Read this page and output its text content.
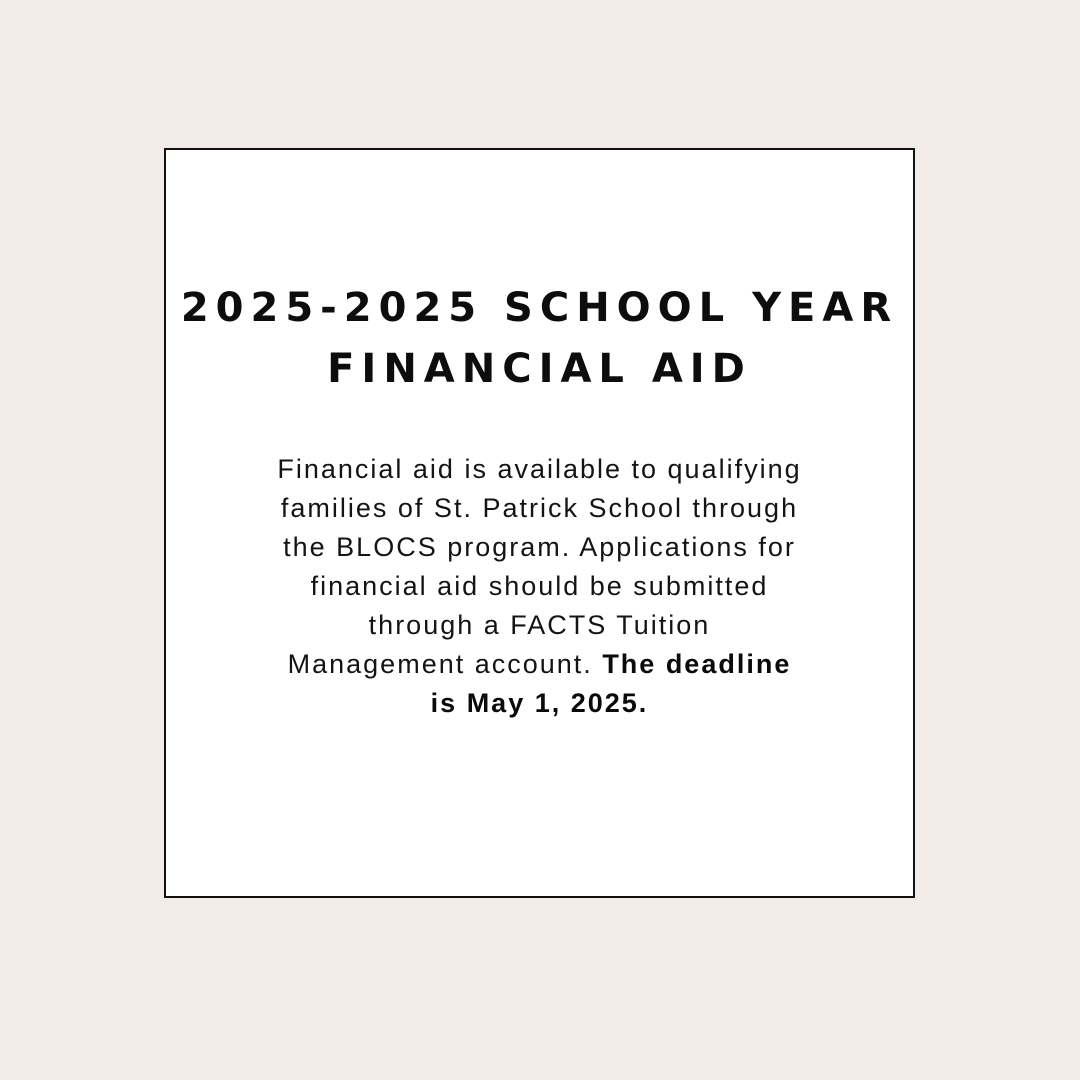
2025-2025 SCHOOL YEAR
FINANCIAL AID

Financial aid is available to qualifying
families of St. Patrick School through
the BLOCS program. Applications for
financial aid should be submitted
through a FACTS Tuition
Management account. The deadline
is May 1, 2025.
